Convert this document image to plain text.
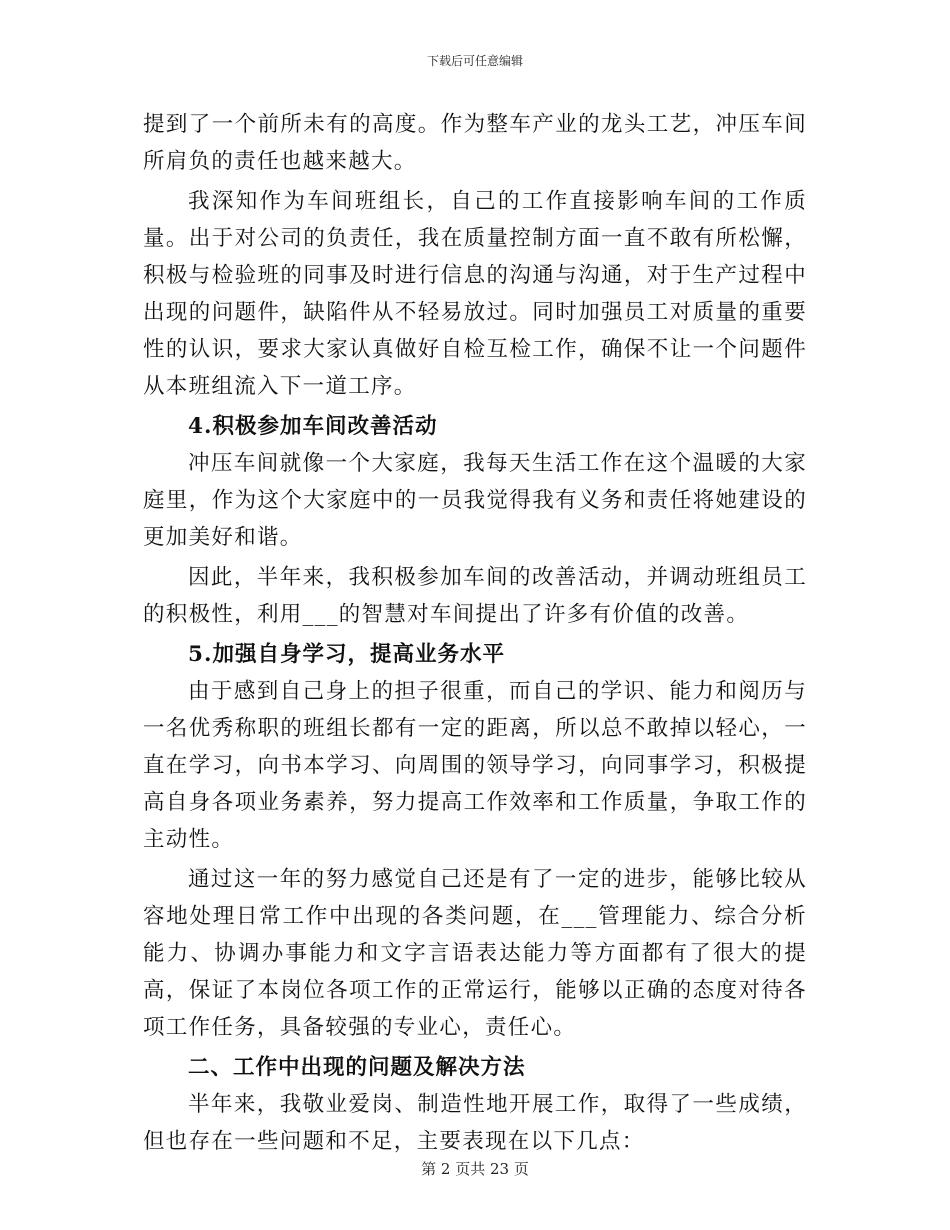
下载后可任意编辑

提到了一个前所未有的高度。作为整车产业的龙头工艺，冲压车间所肩负的责任也越来越大。

我深知作为车间班组长，自己的工作直接影响车间的工作质量。出于对公司的负责任，我在质量控制方面一直不敢有所松懈，积极与检验班的同事及时进行信息的沟通与沟通，对于生产过程中出现的问题件，缺陷件从不轻易放过。同时加强员工对质量的重要性的认识，要求大家认真做好自检互检工作，确保不让一个问题件从本班组流入下一道工序。

4.积极参加车间改善活动

冲压车间就像一个大家庭，我每天生活工作在这个温暖的大家庭里，作为这个大家庭中的一员我觉得我有义务和责任将她建设的更加美好和谐。

因此，半年来，我积极参加车间的改善活动，并调动班组员工的积极性，利用___的智慧对车间提出了许多有价值的改善。

5.加强自身学习，提高业务水平

由于感到自己身上的担子很重，而自己的学识、能力和阅历与一名优秀称职的班组长都有一定的距离，所以总不敢掉以轻心，一直在学习，向书本学习、向周围的领导学习，向同事学习，积极提高自身各项业务素养，努力提高工作效率和工作质量，争取工作的主动性。

通过这一年的努力感觉自己还是有了一定的进步，能够比较从容地处理日常工作中出现的各类问题，在___管理能力、综合分析能力、协调办事能力和文字言语表达能力等方面都有了很大的提高，保证了本岗位各项工作的正常运行，能够以正确的态度对待各项工作任务，具备较强的专业心，责任心。

二、工作中出现的问题及解决方法

半年来，我敬业爱岗、制造性地开展工作，取得了一些成绩，但也存在一些问题和不足，主要表现在以下几点：

第 2 页共 23 页
